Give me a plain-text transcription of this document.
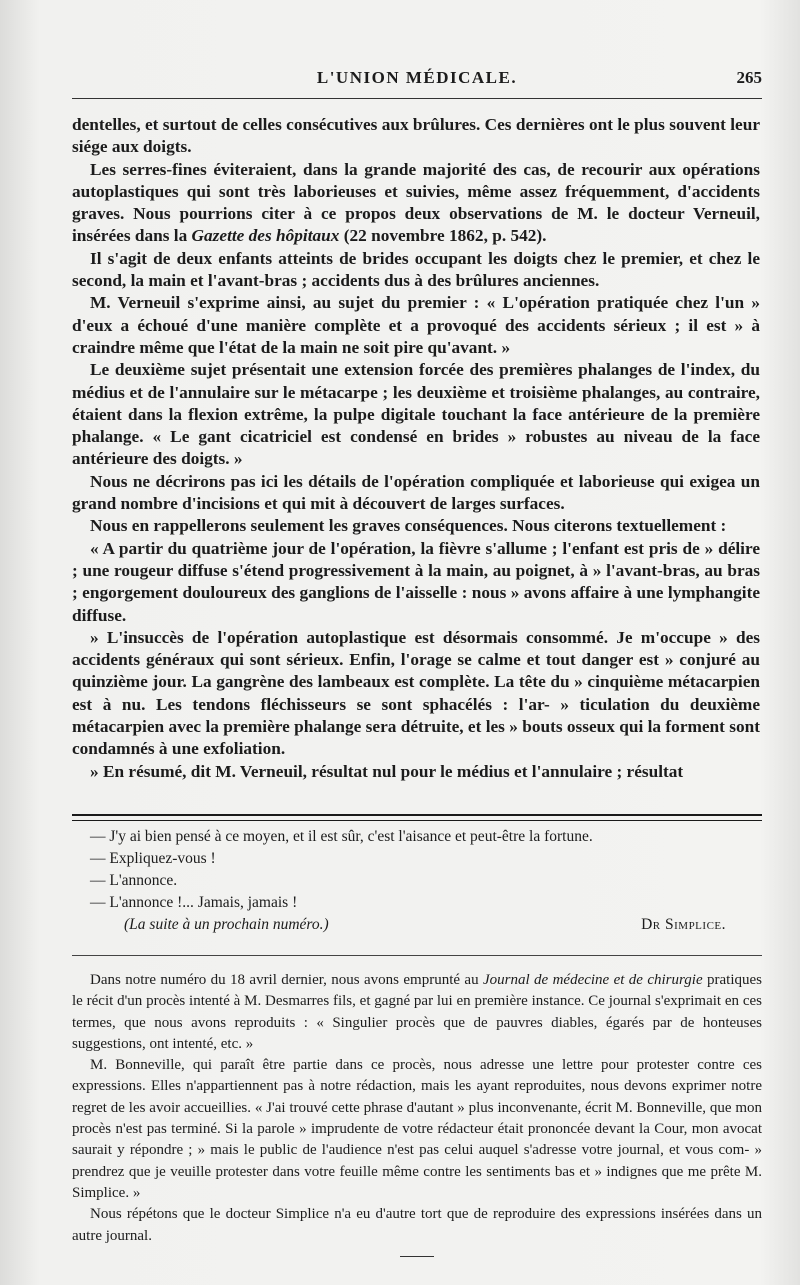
L'UNION MÉDICALE.	265

dentelles, et surtout de celles consécutives aux brûlures. Ces dernières ont le plus souvent leur siége aux doigts.

Les serres-fines éviteraient, dans la grande majorité des cas, de recourir aux opérations autoplastiques qui sont très laborieuses et suivies, même assez fréquemment, d'accidents graves. Nous pourrions citer à ce propos deux observations de M. le docteur Verneuil, insérées dans la Gazette des hôpitaux (22 novembre 1862, p. 542).

Il s'agit de deux enfants atteints de brides occupant les doigts chez le premier, et chez le second, la main et l'avant-bras ; accidents dus à des brûlures anciennes.

M. Verneuil s'exprime ainsi, au sujet du premier : « L'opération pratiquée chez l'un » d'eux a échoué d'une manière complète et a provoqué des accidents sérieux ; il est » à craindre même que l'état de la main ne soit pire qu'avant. »

Le deuxième sujet présentait une extension forcée des premières phalanges de l'index, du médius et de l'annulaire sur le métacarpe ; les deuxième et troisième phalanges, au contraire, étaient dans la flexion extrême, la pulpe digitale touchant la face antérieure de la première phalange. « Le gant cicatriciel est condensé en brides » robustes au niveau de la face antérieure des doigts. »

Nous ne décrirons pas ici les détails de l'opération compliquée et laborieuse qui exigea un grand nombre d'incisions et qui mit à découvert de larges surfaces.

Nous en rappellerons seulement les graves conséquences. Nous citerons textuellement :

« A partir du quatrième jour de l'opération, la fièvre s'allume ; l'enfant est pris de » délire ; une rougeur diffuse s'étend progressivement à la main, au poignet, à » l'avant-bras, au bras ; engorgement douloureux des ganglions de l'aisselle : nous » avons affaire à une lymphangite diffuse.

» L'insuccès de l'opération autoplastique est désormais consommé. Je m'occupe » des accidents généraux qui sont sérieux. Enfin, l'orage se calme et tout danger est » conjuré au quinzième jour. La gangrène des lambeaux est complète. La tête du » cinquième métacarpien est à nu. Les tendons fléchisseurs se sont sphacélés : l'ar- » ticulation du deuxième métacarpien avec la première phalange sera détruite, et les » bouts osseux qui la forment sont condamnés à une exfoliation.

» En résumé, dit M. Verneuil, résultat nul pour le médius et l'annulaire ; résultat

— J'y ai bien pensé à ce moyen, et il est sûr, c'est l'aisance et peut-être la fortune.

— Expliquez-vous !

— L'annonce.

— L'annonce !... Jamais, jamais !

(La suite à un prochain numéro.)	Dr Simplice.

Dans notre numéro du 18 avril dernier, nous avons emprunté au Journal de médecine et de chirurgie pratiques le récit d'un procès intenté à M. Desmarres fils, et gagné par lui en première instance. Ce journal s'exprimait en ces termes, que nous avons reproduits : « Singulier procès que de pauvres diables, égarés par de honteuses suggestions, ont intenté, etc. »

M. Bonneville, qui paraît être partie dans ce procès, nous adresse une lettre pour protester contre ces expressions. Elles n'appartiennent pas à notre rédaction, mais les ayant reproduites, nous devons exprimer notre regret de les avoir accueillies. « J'ai trouvé cette phrase d'autant » plus inconvenante, écrit M. Bonneville, que mon procès n'est pas terminé. Si la parole » imprudente de votre rédacteur était prononcée devant la Cour, mon avocat saurait y répondre ; » mais le public de l'audience n'est pas celui auquel s'adresse votre journal, et vous com- » prendrez que je veuille protester dans votre feuille même contre les sentiments bas et » indignes que me prête M. Simplice. »

Nous répétons que le docteur Simplice n'a eu d'autre tort que de reproduire des expressions insérées dans un autre journal.
